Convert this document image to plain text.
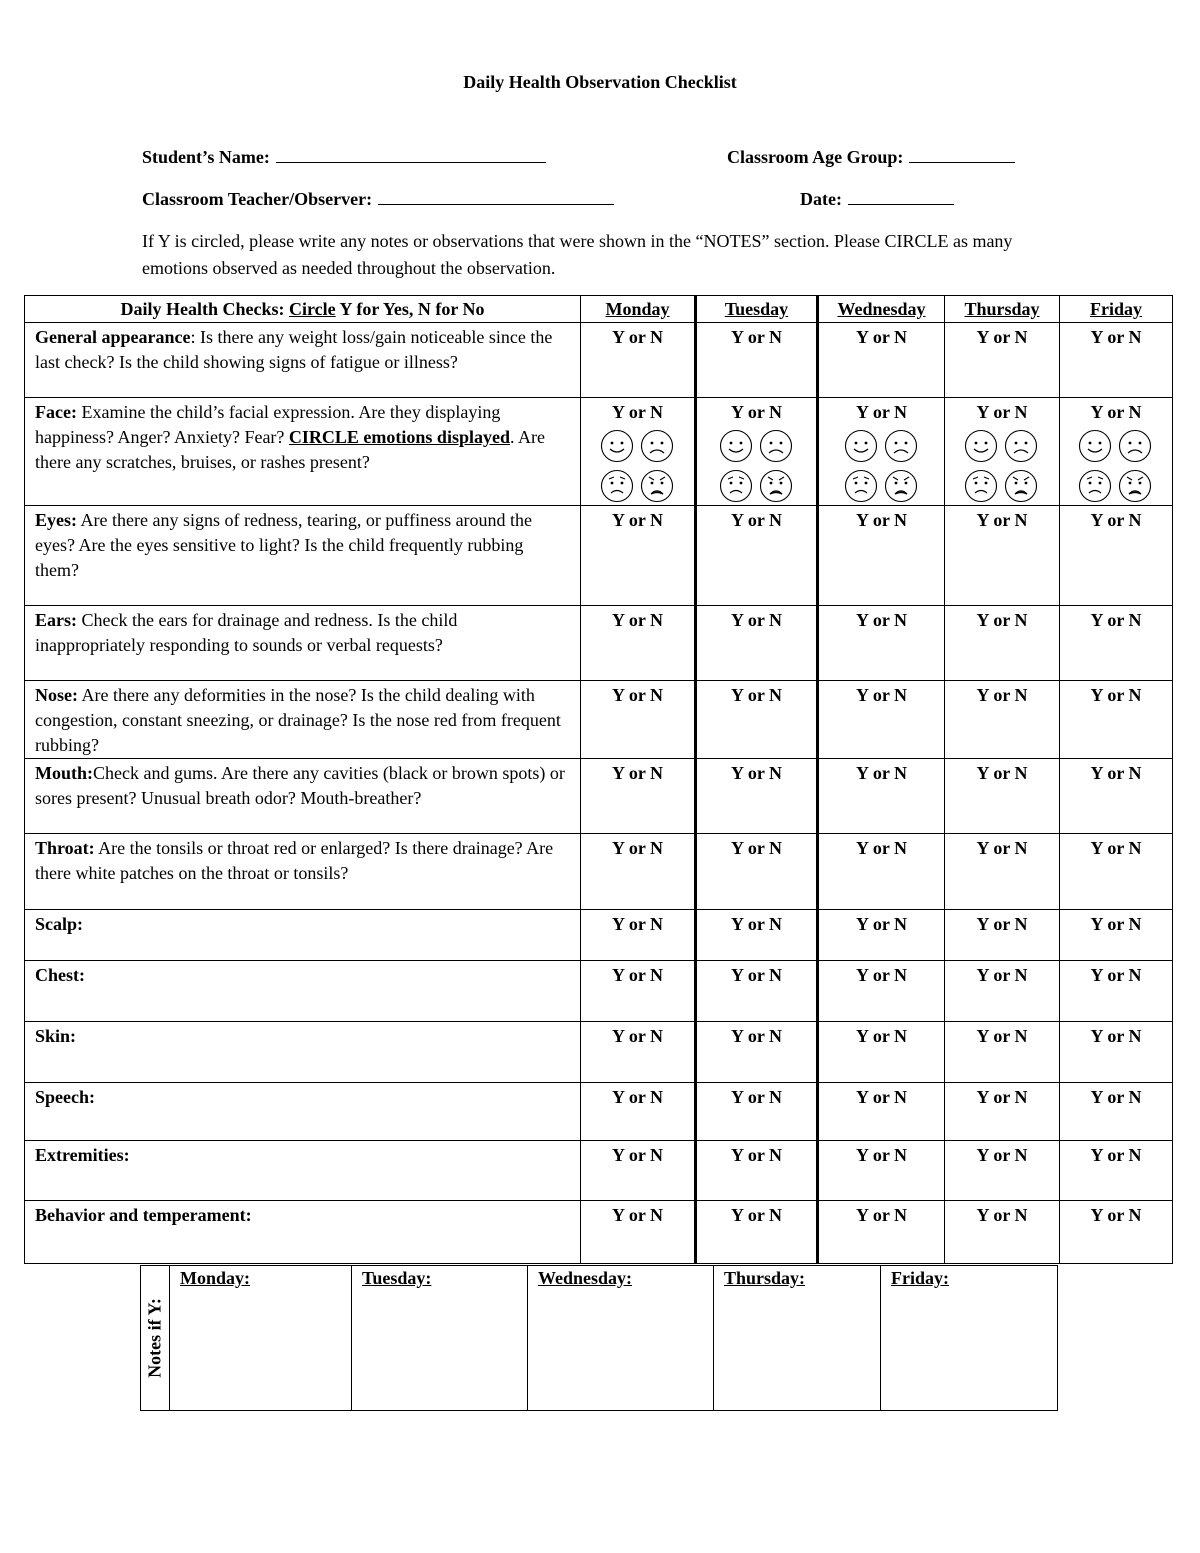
Daily Health Observation Checklist
Student’s Name:	Classroom Age Group:
Classroom Teacher/Observer:	Date:
If Y is circled, please write any notes or observations that were shown in the “NOTES” section. Please CIRCLE as many emotions observed as needed throughout the observation.
Daily Health Checks: Circle Y for Yes, N for No	Monday	Tuesday	Wednesday	Thursday	Friday
General appearance: Is there any weight loss/gain noticeable since the last check? Is the child showing signs of fatigue or illness?	Y or N	Y or N	Y or N	Y or N	Y or N

Face: Examine the child’s facial expression. Are they displaying happiness? Anger? Anxiety? Fear? CIRCLE emotions displayed. Are there any scratches, bruises, or rashes present?	Y or N	Y or N	Y or N	Y or N	Y or N

Eyes: Are there any signs of redness, tearing, or puffiness around the eyes? Are the eyes sensitive to light? Is the child frequently rubbing them?	Y or N	Y or N	Y or N	Y or N	Y or N

Ears: Check the ears for drainage and redness. Is the child inappropriately responding to sounds or verbal requests?	Y or N	Y or N	Y or N	Y or N	Y or N

Nose: Are there any deformities in the nose? Is the child dealing with congestion, constant sneezing, or drainage? Is the nose red from frequent rubbing?	Y or N	Y or N	Y or N	Y or N	Y or N

Mouth:Check and gums. Are there any cavities (black or brown spots) or sores present? Unusual breath odor? Mouth-breather?	Y or N	Y or N	Y or N	Y or N	Y or N

Throat: Are the tonsils or throat red or enlarged? Is there drainage? Are there white patches on the throat or tonsils?	Y or N	Y or N	Y or N	Y or N	Y or N

Scalp:	Y or N	Y or N	Y or N	Y or N	Y or N

Chest:	Y or N	Y or N	Y or N	Y or N	Y or N

Skin:	Y or N	Y or N	Y or N	Y or N	Y or N

Speech:	Y or N	Y or N	Y or N	Y or N	Y or N

Extremities:	Y or N	Y or N	Y or N	Y or N	Y or N

Behavior and temperament:	Y or N	Y or N	Y or N	Y or N	Y or N
Notes if Y:
	Monday:	Tuesday:	Wednesday:	Thursday:	Friday:
